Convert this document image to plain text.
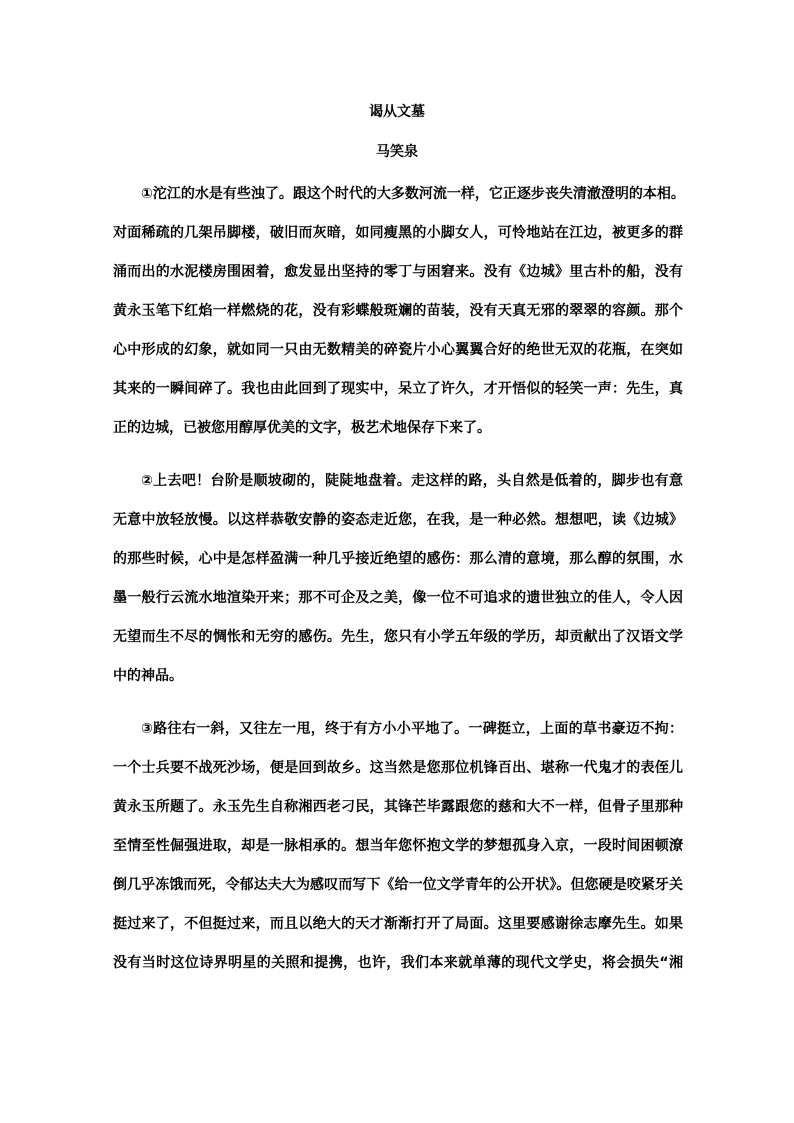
谒从文墓
马笑泉
①沱江的水是有些浊了。跟这个时代的大多数河流一样，它正逐步丧失清澈澄明的本相。
对面稀疏的几架吊脚楼，破旧而灰暗，如同瘦黑的小脚女人，可怜地站在江边，被更多的群
涌而出的水泥楼房围困着，愈发显出坚持的零丁与困窘来。没有《边城》里古朴的船，没有
黄永玉笔下红焰一样燃烧的花，没有彩蝶般斑斓的苗装，没有天真无邪的翠翠的容颜。那个
心中形成的幻象，就如同一只由无数精美的碎瓷片小心翼翼合好的绝世无双的花瓶，在突如
其来的一瞬间碎了。我也由此回到了现实中，呆立了许久，才开悟似的轻笑一声：先生，真
正的边城，已被您用醇厚优美的文字，极艺术地保存下来了。
②上去吧！台阶是顺坡砌的，陡陡地盘着。走这样的路，头自然是低着的，脚步也有意
无意中放轻放慢。以这样恭敬安静的姿态走近您，在我，是一种必然。想想吧，读《边城》
的那些时候，心中是怎样盈满一种几乎接近绝望的感伤：那么清的意境，那么醇的氛围，水
墨一般行云流水地渲染开来；那不可企及之美，像一位不可追求的遗世独立的佳人，令人因
无望而生不尽的惆怅和无穷的感伤。先生，您只有小学五年级的学历，却贡献出了汉语文学
中的神品。
③路往右一斜，又往左一甩，终于有方小小平地了。一碑挺立，上面的草书豪迈不拘：
一个士兵要不战死沙场，便是回到故乡。这当然是您那位机锋百出、堪称一代鬼才的表侄儿
黄永玉所题了。永玉先生自称湘西老刁民，其锋芒毕露跟您的慈和大不一样，但骨子里那种
至情至性倔强进取，却是一脉相承的。想当年您怀抱文学的梦想孤身入京，一段时间困顿潦
倒几乎冻饿而死，令郁达夫大为感叹而写下《给一位文学青年的公开状》。但您硬是咬紧牙关
挺过来了，不但挺过来，而且以绝大的天才渐渐打开了局面。这里要感谢徐志摩先生。如果
没有当时这位诗界明星的关照和提携，也许，我们本来就单薄的现代文学史，将会损失“湘
